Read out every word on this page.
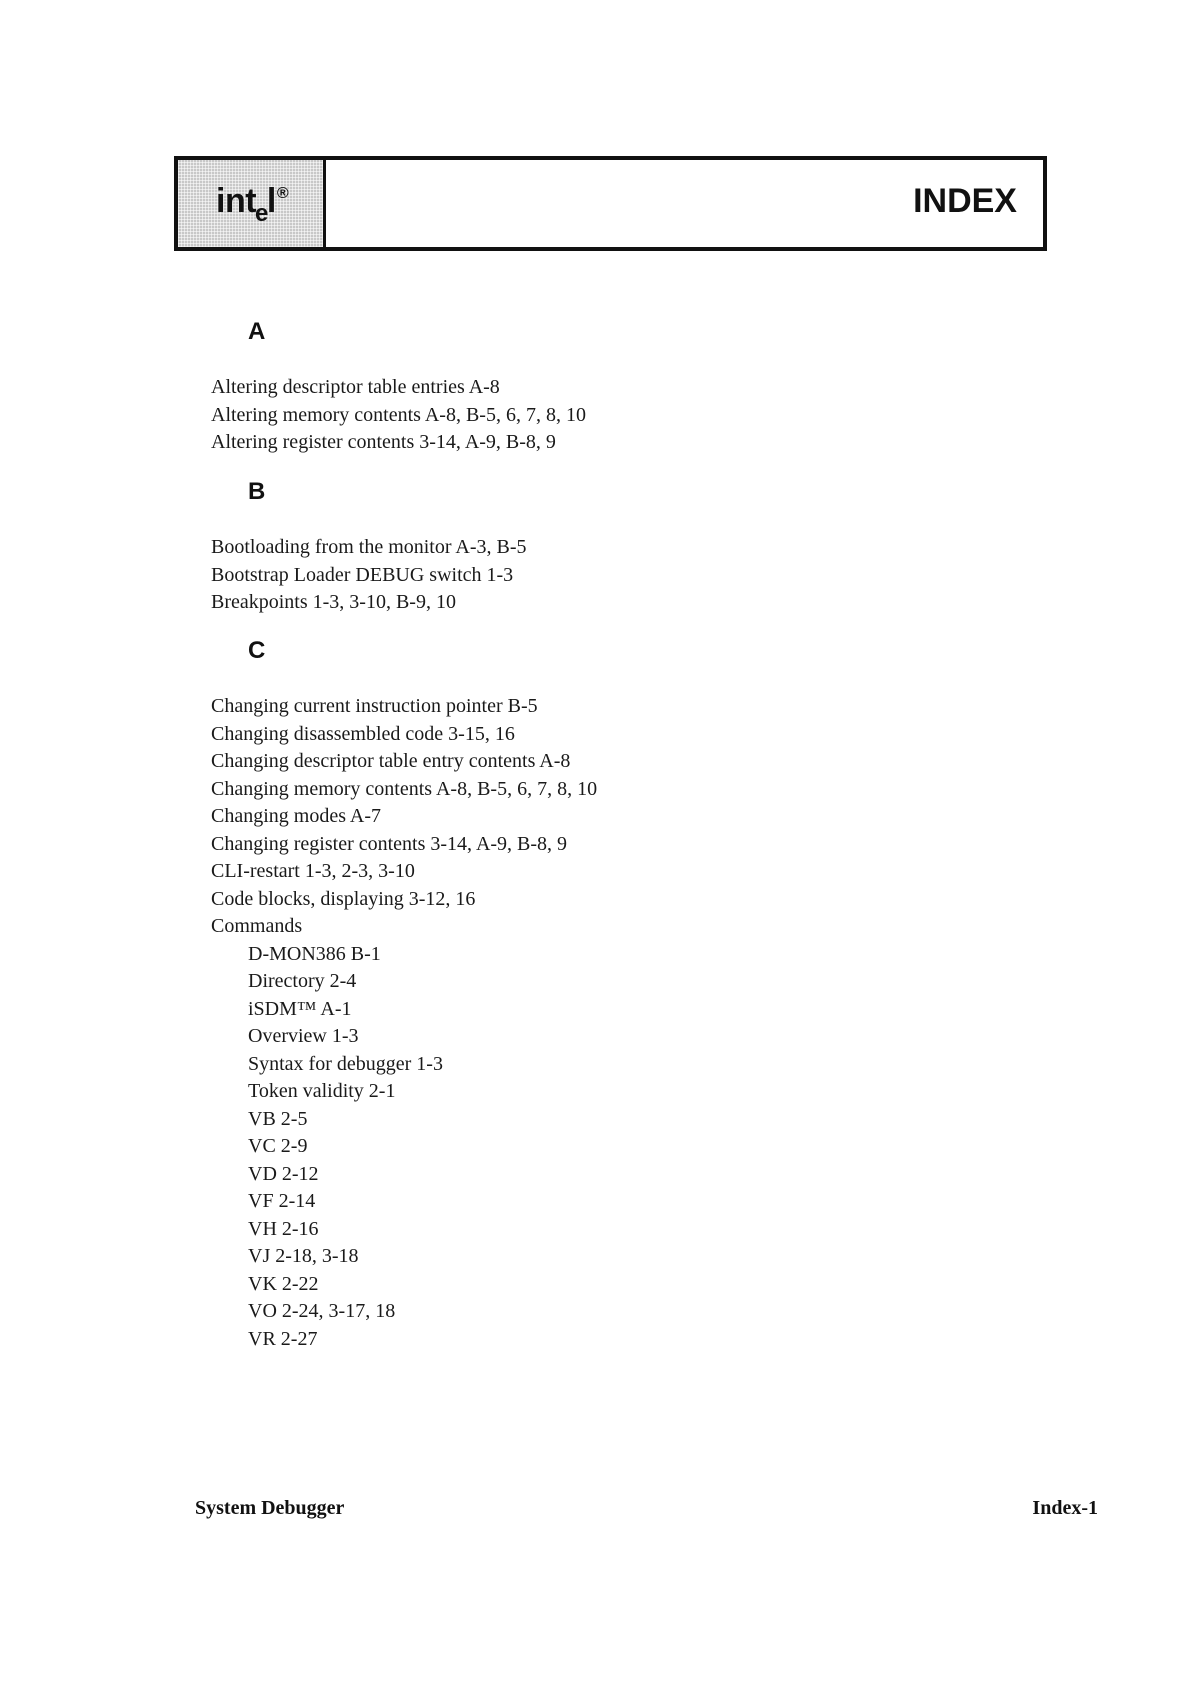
int$_e$l®	INDEX
A
Altering descriptor table entries A-8
Altering memory contents A-8, B-5, 6, 7, 8, 10
Altering register contents 3-14, A-9, B-8, 9
B
Bootloading from the monitor A-3, B-5
Bootstrap Loader DEBUG switch 1-3
Breakpoints 1-3, 3-10, B-9, 10
C
Changing current instruction pointer B-5
Changing disassembled code 3-15, 16
Changing descriptor table entry contents A-8
Changing memory contents A-8, B-5, 6, 7, 8, 10
Changing modes A-7
Changing register contents 3-14, A-9, B-8, 9
CLI-restart 1-3, 2-3, 3-10
Code blocks, displaying 3-12, 16
Commands
D-MON386 B-1
Directory 2-4
iSDM™ A-1
Overview 1-3
Syntax for debugger 1-3
Token validity 2-1
VB 2-5
VC 2-9
VD 2-12
VF 2-14
VH 2-16
VJ 2-18, 3-18
VK 2-22
VO 2-24, 3-17, 18
VR 2-27
System Debugger	Index-1
